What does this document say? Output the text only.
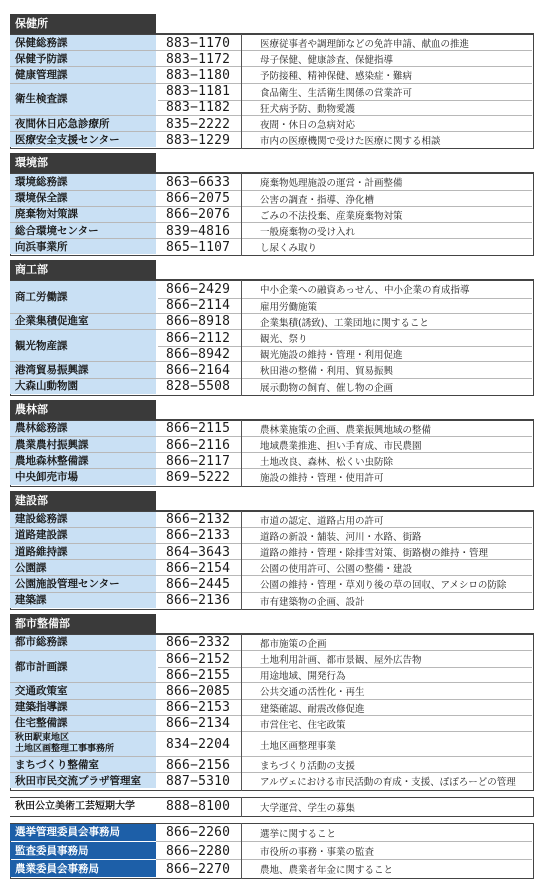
保健所
保健総務課	883−1170	医療従事者や調理師などの免許申請、献血の推進
保健予防課	883−1172	母子保健、健康診査、保健指導
健康管理課	883−1180	予防接種、精神保健、感染症・難病
衛生検査課
883−1181	食品衛生、生活衛生関係の営業許可
883−1182	狂犬病予防、動物愛護
夜間休日応急診療所	835−2222	夜間・休日の急病対応
医療安全支援センター	883−1229	市内の医療機関で受けた医療に関する相談
環境部
環境総務課	863−6633	廃棄物処理施設の運営・計画整備
環境保全課	866−2075	公害の調査・指導、浄化槽
廃棄物対策課	866−2076	ごみの不法投棄、産業廃棄物対策
総合環境センター	839−4816	一般廃棄物の受け入れ
向浜事業所	865−1107	し尿くみ取り
商工部
商工労働課
866−2429	中小企業への融資あっせん、中小企業の育成指導
866−2114	雇用労働施策
企業集積促進室	866−8918	企業集積(誘致)、工業団地に関すること
観光物産課
866−2112	観光、祭り
866−8942	観光施設の維持・管理・利用促進
港湾貿易振興課	866−2164	秋田港の整備・利用、貿易振興
大森山動物園	828−5508	展示動物の飼育、催し物の企画
農林部
農林総務課	866−2115	農林業施策の企画、農業振興地域の整備
農業農村振興課	866−2116	地域農業推進、担い手育成、市民農園
農地森林整備課	866−2117	土地改良、森林、松くい虫防除
中央卸売市場	869−5222	施設の維持・管理・使用許可
建設部
建設総務課	866−2132	市道の認定、道路占用の許可
道路建設課	866−2133	道路の新設・舗装、河川・水路、街路
道路維持課	864−3643	道路の維持・管理・除排雪対策、街路樹の維持・管理
公園課	866−2154	公園の使用許可、公園の整備・建設
公園施設管理センター	866−2445	公園の維持・管理・草刈り後の草の回収、アメシロの防除
建築課	866−2136	市有建築物の企画、設計
都市整備部
都市総務課	866−2332	都市施策の企画
都市計画課
866−2152	土地利用計画、都市景観、屋外広告物
866−2155	用途地域、開発行為
交通政策室	866−2085	公共交通の活性化・再生
建築指導課	866−2153	建築確認、耐震改修促進
住宅整備課	866−2134	市営住宅、住宅政策
秋田駅東地区
土地区画整理工事事務所	834−2204	土地区画整理事業
まちづくり整備室	866−2156	まちづくり活動の支援
秋田市民交流プラザ管理室	887−5310	アルヴェにおける市民活動の育成・支援、ぽぽろーどの管理
秋田公立美術工芸短期大学	888−8100	大学運営、学生の募集
選挙管理委員会事務局	866−2260	選挙に関すること
監査委員事務局	866−2280	市役所の事務・事業の監査
農業委員会事務局	866−2270	農地、農業者年金に関すること
